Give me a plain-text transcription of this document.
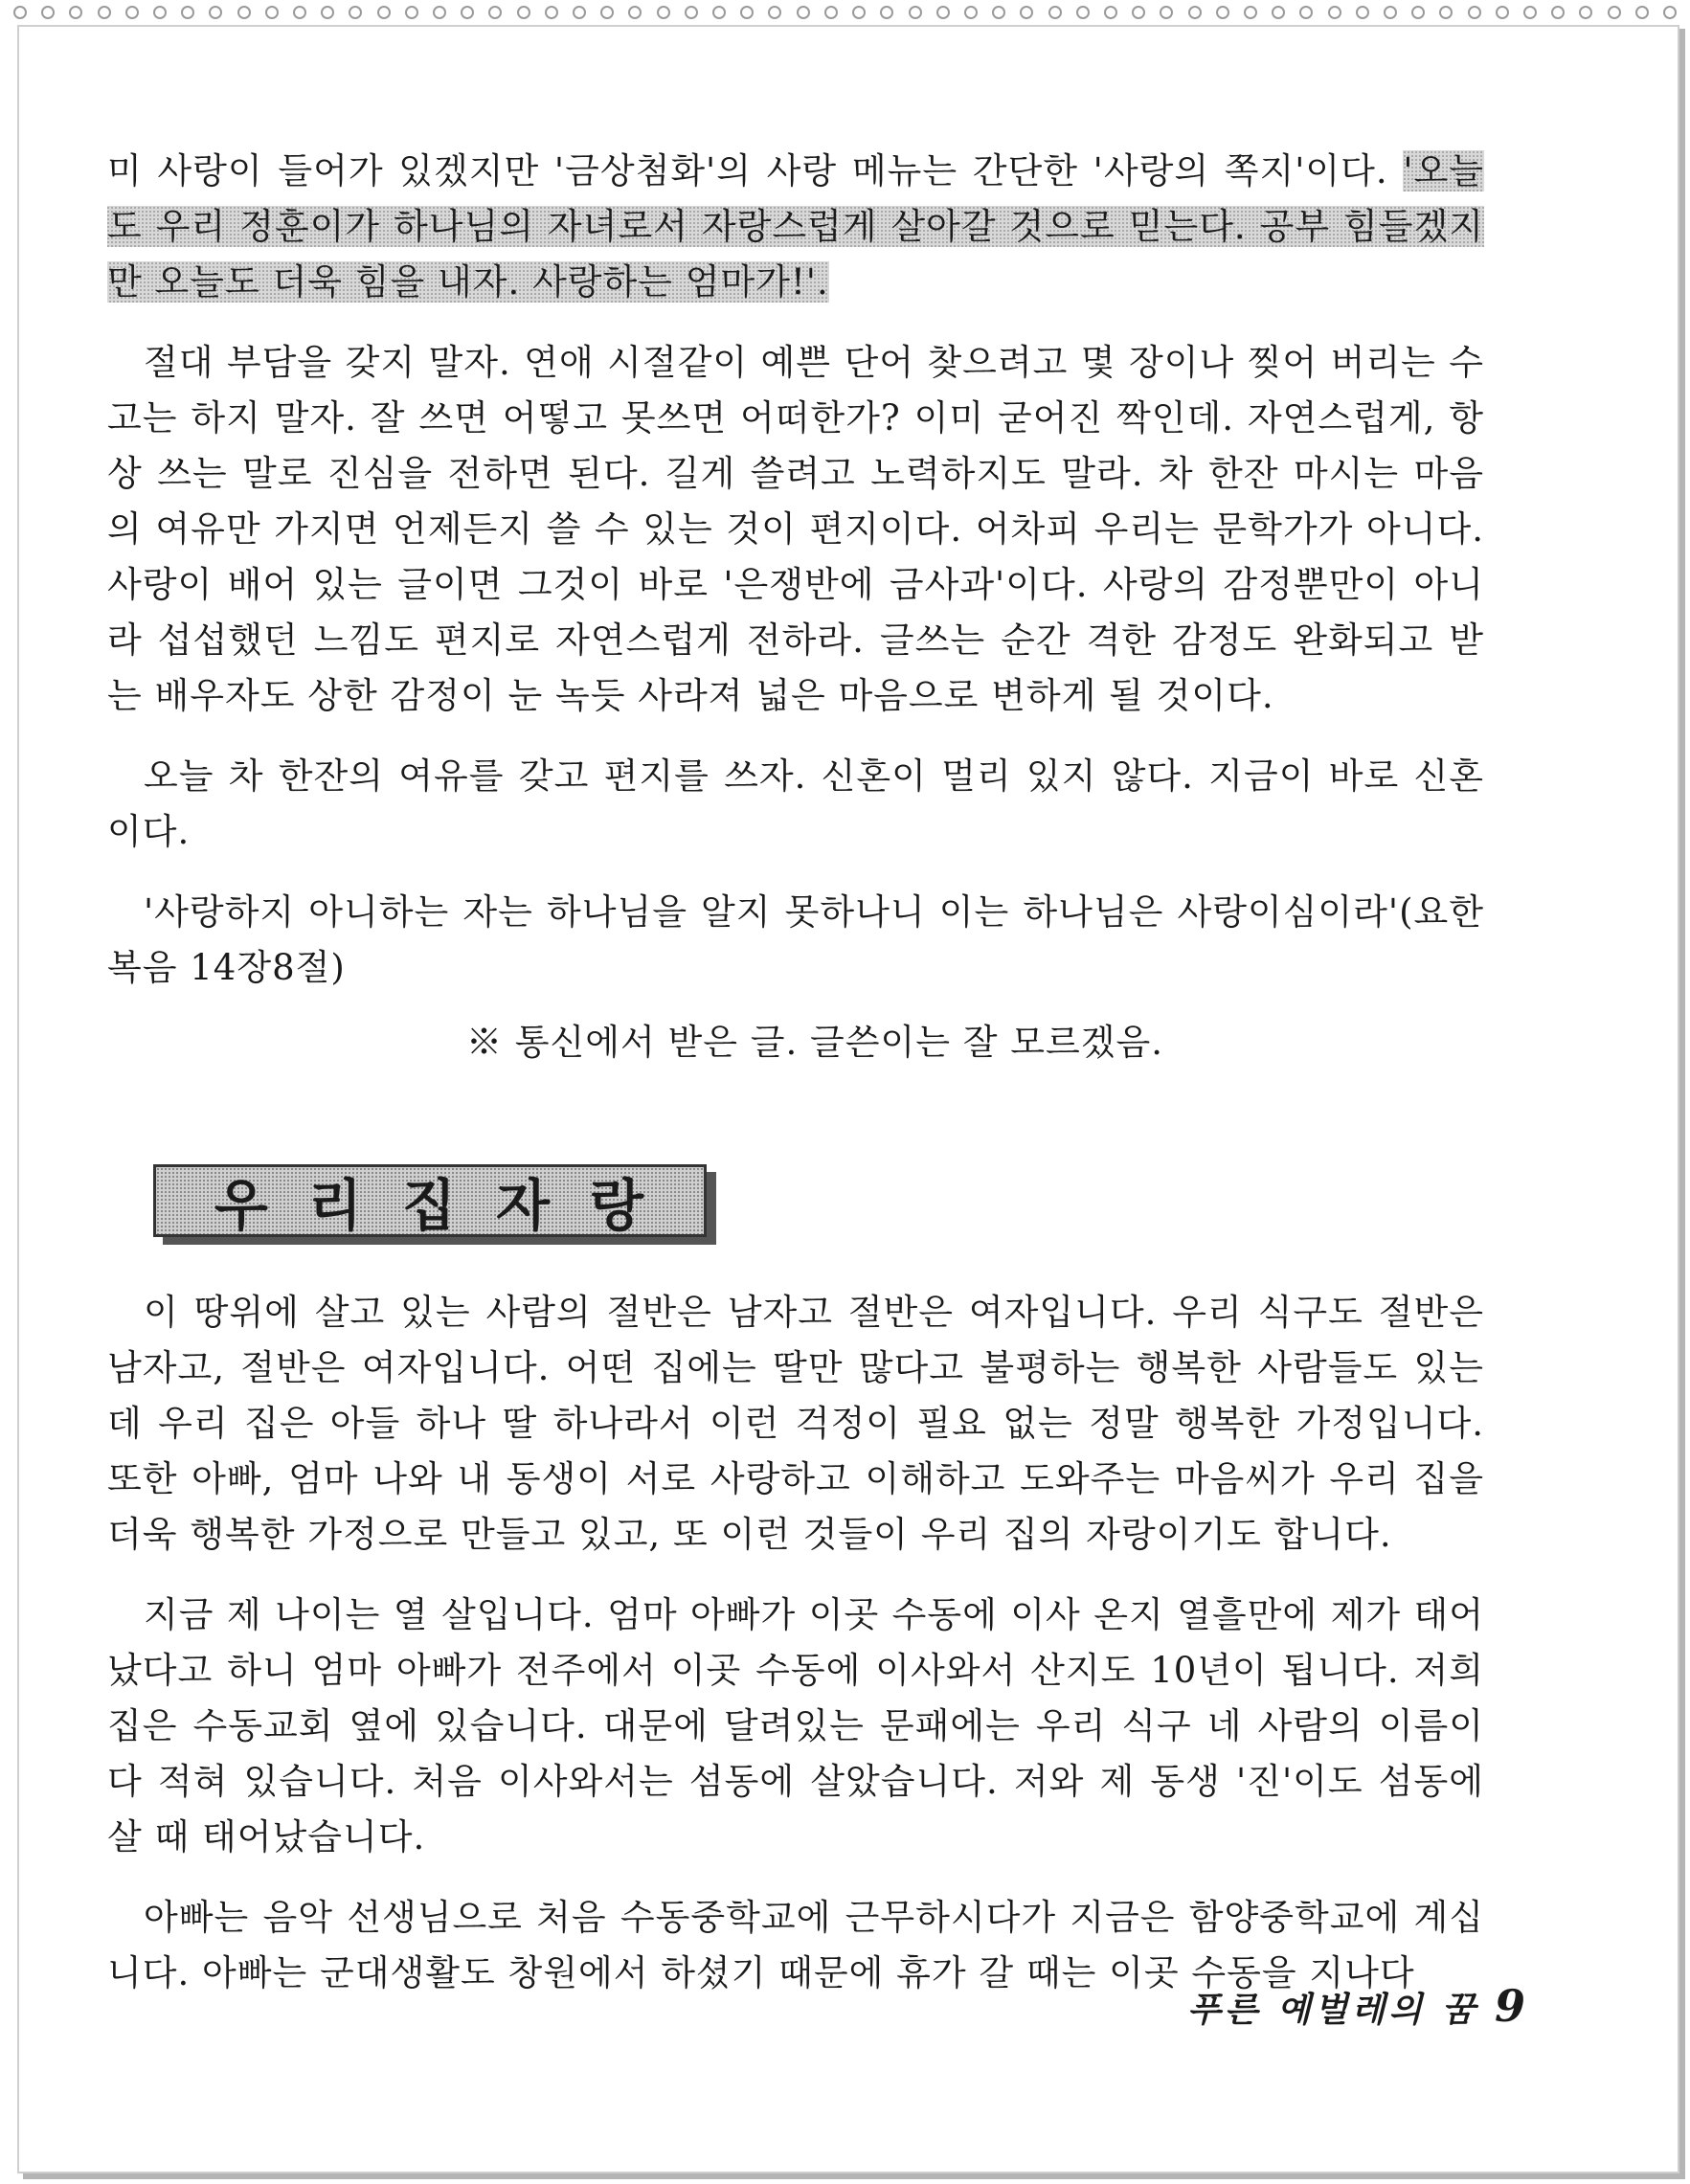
미 사랑이 들어가 있겠지만 '금상첨화'의 사랑 메뉴는 간단한 '사랑의 쪽지'이다. '오늘도 우리 정훈이가 하나님의 자녀로서 자랑스럽게 살아갈 것으로 믿는다. 공부 힘들겠지만 오늘도 더욱 힘을 내자. 사랑하는 엄마가!'.

절대 부담을 갖지 말자. 연애 시절같이 예쁜 단어 찾으려고 몇 장이나 찢어 버리는 수고는 하지 말자. 잘 쓰면 어떻고 못쓰면 어떠한가? 이미 굳어진 짝인데. 자연스럽게, 항상 쓰는 말로 진심을 전하면 된다. 길게 쓸려고 노력하지도 말라. 차 한잔 마시는 마음의 여유만 가지면 언제든지 쓸 수 있는 것이 편지이다. 어차피 우리는 문학가가 아니다. 사랑이 배어 있는 글이면 그것이 바로 '은쟁반에 금사과'이다. 사랑의 감정뿐만이 아니라 섭섭했던 느낌도 편지로 자연스럽게 전하라. 글쓰는 순간 격한 감정도 완화되고 받는 배우자도 상한 감정이 눈 녹듯 사라져 넓은 마음으로 변하게 될 것이다.

오늘 차 한잔의 여유를 갖고 편지를 쓰자. 신혼이 멀리 있지 않다. 지금이 바로 신혼이다.

'사랑하지 아니하는 자는 하나님을 알지 못하나니 이는 하나님은 사랑이심이라'(요한복음 14장8절)

※ 통신에서 받은 글. 글쓴이는 잘 모르겠음.

우리집자랑

이 땅위에 살고 있는 사람의 절반은 남자고 절반은 여자입니다. 우리 식구도 절반은 남자고, 절반은 여자입니다. 어떤 집에는 딸만 많다고 불평하는 행복한 사람들도 있는데 우리 집은 아들 하나 딸 하나라서 이런 걱정이 필요 없는 정말 행복한 가정입니다. 또한 아빠, 엄마 나와 내 동생이 서로 사랑하고 이해하고 도와주는 마음씨가 우리 집을 더욱 행복한 가정으로 만들고 있고, 또 이런 것들이 우리 집의 자랑이기도 합니다.

지금 제 나이는 열 살입니다. 엄마 아빠가 이곳 수동에 이사 온지 열흘만에 제가 태어났다고 하니 엄마 아빠가 전주에서 이곳 수동에 이사와서 산지도 10년이 됩니다. 저희 집은 수동교회 옆에 있습니다. 대문에 달려있는 문패에는 우리 식구 네 사람의 이름이 다 적혀 있습니다. 처음 이사와서는 섬동에 살았습니다. 저와 제 동생 '진'이도 섬동에 살 때 태어났습니다.

아빠는 음악 선생님으로 처음 수동중학교에 근무하시다가 지금은 함양중학교에 계십니다. 아빠는 군대생활도 창원에서 하셨기 때문에 휴가 갈 때는 이곳 수동을 지나다

푸른 예벌레의 꿈 9
